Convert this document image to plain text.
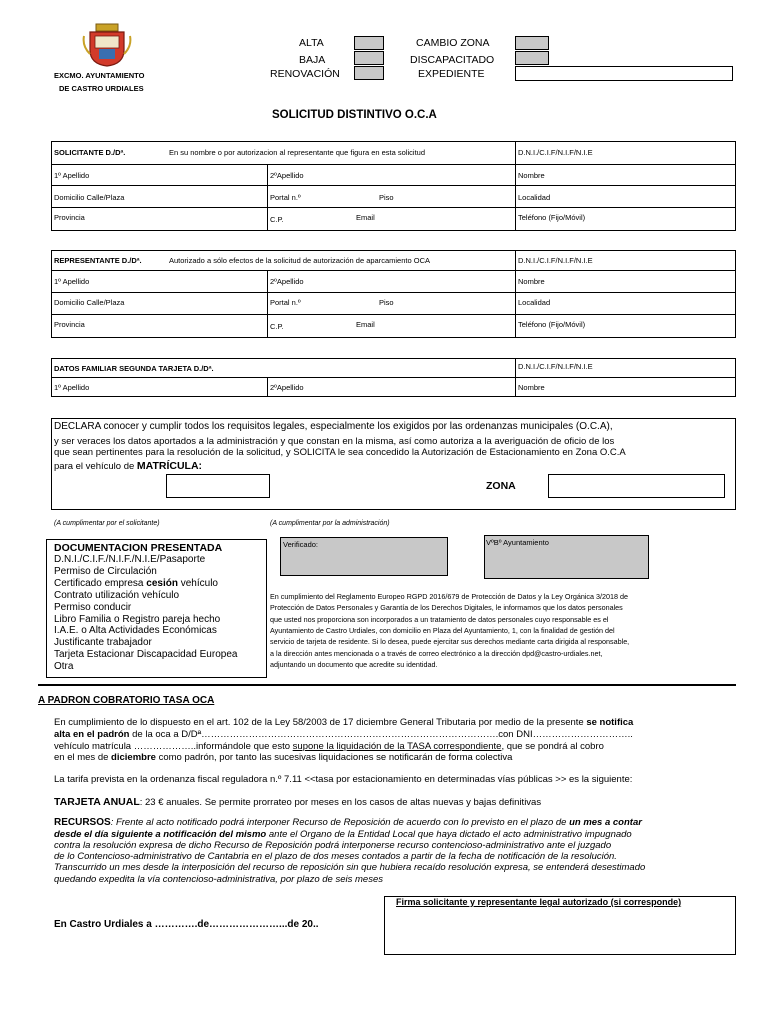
EXCMO. AYUNTAMIENTO
DE CASTRO URDIALES
ALTA
BAJA
RENOVACIÓN
CAMBIO ZONA
DISCAPACITADO
EXPEDIENTE
SOLICITUD DISTINTIVO O.C.A
SOLICITANTE D./Dª.	En su nombre o por autorizacion al representante que figura en esta solicitud	D.N.I./C.I.F/N.I.F/N.I.E
1º Apellido	2ºApellido	Nombre
Domicilio Calle/Plaza	Portal n.º	Piso	Localidad
Provincia	C.P.	Email	Teléfono (Fijo/Móvil)
REPRESENTANTE D./Dª.	Autorizado a sólo efectos de la solicitud de autorización de aparcamiento OCA	D.N.I./C.I.F/N.I.F/N.I.E
1º Apellido	2ºApellido	Nombre
Domicilio Calle/Plaza	Portal n.º	Piso	Localidad
Provincia	C.P.	Email	Teléfono (Fijo/Móvil)
DATOS FAMILIAR SEGUNDA TARJETA D./Dª.	D.N.I./C.I.F/N.I.F/N.I.E
1º Apellido	2ºApellido	Nombre
DECLARA conocer y cumplir todos los requisitos legales, especialmente los exigidos por las ordenanzas municipales (O.C.A),
y ser veraces los datos aportados a la administración y que constan en la misma, así como autoriza a la averiguación de oficio de los
que sean pertinentes para la resolución de la solicitud, y SOLICITA le sea concedido la Autorización de Estacionamiento en Zona O.C.A
para el vehículo de MATRÍCULA:
ZONA
(A cumplimentar por el solicitante)	(A cumplimentar por la administración)
DOCUMENTACION PRESENTADA
D.N.I./C.I.F./N.I.F./N.I.E/Pasaporte
Permiso de Circulación
Certificado empresa cesión vehículo
Contrato utilización vehículo
Permiso conducir
Libro Familia o Registro pareja hecho
I.A.E. o Alta Actividades Económicas
Justificante trabajador
Tarjeta Estacionar Discapacidad Europea
Otra
Verificado:	VºBº Ayuntamiento
En cumplimiento del Reglamento Europeo RGPD 2016/679 de Protección de Datos y la Ley Orgánica 3/2018 de
Protección de Datos Personales y Garantía de los Derechos Digitales, le informamos que los datos personales
que usted nos proporciona son incorporados a un tratamiento de datos personales cuyo responsable es el
Ayuntamiento de Castro Urdiales, con domicilio en Plaza del Ayuntamiento, 1, con la finalidad de gestión del
servicio de tarjeta de residente. Si lo desea, puede ejercitar sus derechos mediante carta dirigida al responsable,
a la dirección antes mencionada o a través de correo electrónico a la dirección dpd@castro-urdiales.net,
adjuntando un documento que acredite su identidad.
A PADRON COBRATORIO TASA OCA
En cumplimiento de lo dispuesto en el art. 102 de la Ley 58/2003 de 17 diciembre General Tributaria por medio de la presente se notifica
alta en el padrón de la oca a D/Dª………………………………………………………………………………….con DNI…………………………..
vehículo matrícula ………………..informándole que esto supone la liquidación de la TASA correspondiente, que se pondrá al cobro
en el mes de diciembre como padrón, por tanto las sucesivas liquidaciones se notificarán de forma colectiva
La tarifa prevista en la ordenanza fiscal reguladora n.º 7.11 <<tasa por estacionamiento en determinadas vías públicas >> es la siguiente:
TARJETA ANUAL: 23 € anuales. Se permite prorrateo por meses en los casos de altas nuevas y bajas definitivas
RECURSOS: Frente al acto notificado podrá interponer Recurso de Reposición de acuerdo con lo previsto en el plazo de un mes a contar
desde el día siguiente a notificación del mismo ante el Organo de la Entidad Local que haya dictado el acto administrativo impugnado
contra la resolución expresa de dicho Recurso de Reposición podrá interponerse recurso contencioso-administrativo ante el juzgado
de lo Contencioso-administrativo de Cantabria en el plazo de dos meses contados a partir de la fecha de notificación de la resolución.
Transcurrido un mes desde la interposición del recurso de reposición sin que hubiera recaído resolución expresa, se entenderá desestimado
quedando expedita la vía contencioso-administrativa, por plazo de seis meses
Firma solicitante y representante legal autorizado (si corresponde)
En Castro Urdiales a ………….de…………………...de 20..
